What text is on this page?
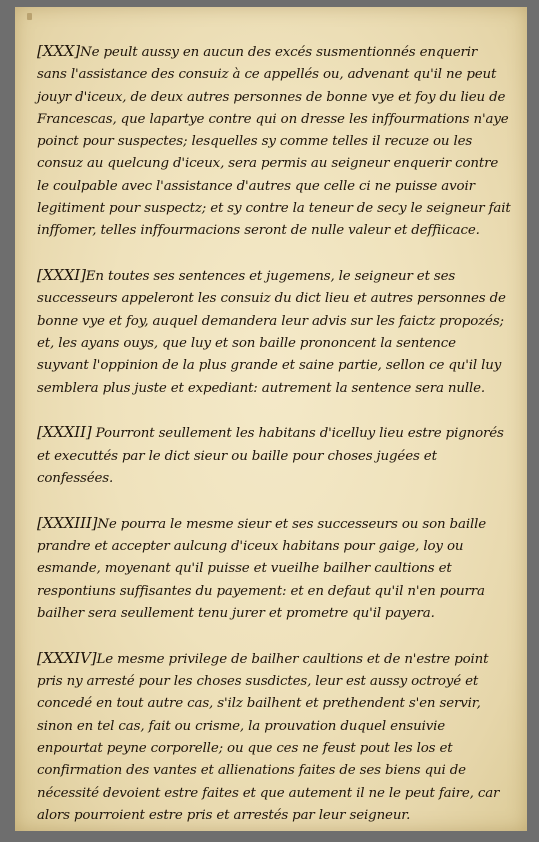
[XXX]Ne peult aussy en aucun des excés susmentionnés enquerir sans l'assistance des consuiz à ce appellés ou, advenant qu'il ne peut jouyr d'iceux, de deux autres personnes de bonne vye et foy du lieu de Francescas, que lapartye contre qui on dresse les inffourmations n'aye poinct pour suspectes; lesquelles sy comme telles il recuze ou les consuz au quelcung d'iceux, sera permis au seigneur enquerir contre le coulpable avec l'assistance d'autres que celle ci ne puisse avoir legitiment pour suspectz; et sy contre la teneur de secy le seigneur fait inffomer, telles inffourmacions seront de nulle valeur et deffiicace.

[XXXI]En toutes ses sentences et jugemens, le seigneur et ses successeurs appeleront les consuiz du dict lieu et autres personnes de bonne vye et foy, auquel demandera leur advis sur les faictz propozés; et, les ayans ouys, que luy et son baille prononcent la sentence suyvant l'oppinion de la plus grande et saine partie, sellon ce qu'il luy semblera plus juste et expediant: autrement la sentence sera nulle.

[XXXII] Pourront seullement les habitans d'icelluy lieu estre pignorés et executtés par le dict sieur ou baille pour choses jugées et confessées.

[XXXIII]Ne pourra le mesme sieur et ses successeurs ou son baille prandre et accepter aulcung d'iceux habitans pour gaige, loy ou esmande, moyenant qu'il puisse et vueilhe bailher caultions et respontiuns suffisantes du payement: et en defaut qu'il n'en pourra bailher sera seullement tenu jurer et prometre qu'il payera.

[XXXIV]Le mesme privilege de bailher caultions et de n'estre point pris ny arresté pour les choses susdictes, leur est aussy octroyé et concedé en tout autre cas, s'ilz bailhent et prethendent s'en servir, sinon en tel cas, fait ou crisme, la prouvation duquel ensuivie enpourtat peyne corporelle; ou que ces ne feust pout les los et confirmation des vantes et allienations faites de ses biens qui de nécessité devoient estre faites et que autement il ne le peut faire, car alors pourroient estre pris et arrestés par leur seigneur.
